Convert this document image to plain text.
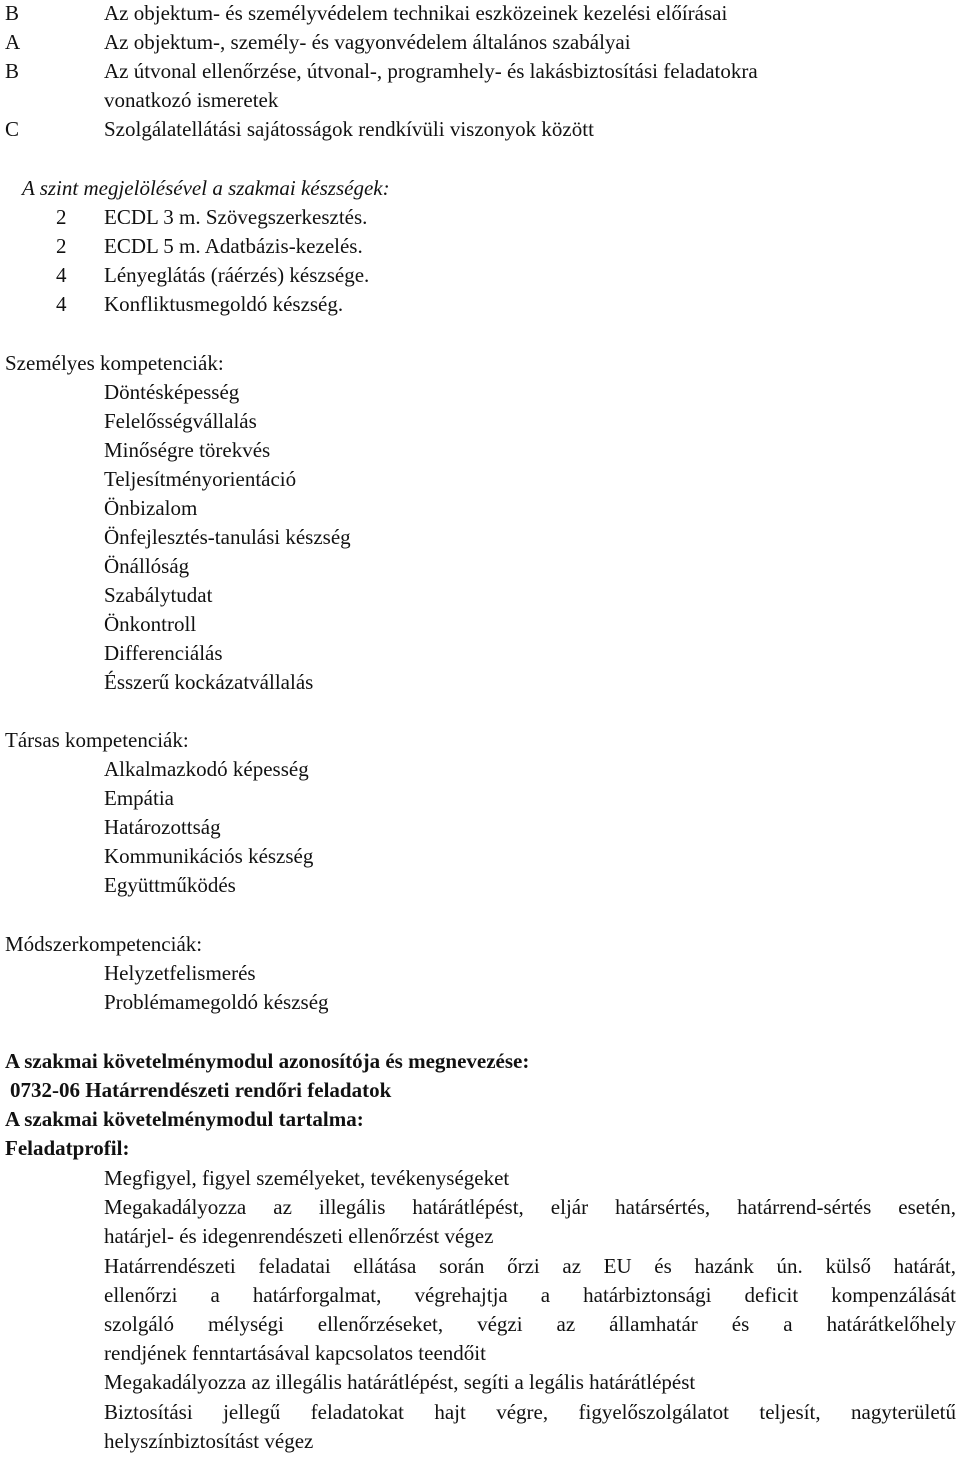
B	Az objektum- és személyvédelem technikai eszközeinek kezelési előírásai
A	Az objektum-, személy- és vagyonvédelem általános szabályai
B	Az útvonal ellenőrzése, útvonal-, programhely- és lakásbiztosítási feladatokra
vonatkozó ismeretek
C	Szolgálatellátási sajátosságok rendkívüli viszonyok között
A szint megjelölésével a szakmai készségek:
2 ECDL 3 m. Szövegszerkesztés.
2 ECDL 5 m. Adatbázis-kezelés.
4 Lényeglátás (ráérzés) készsége.
4 Konfliktusmegoldó készség.
Személyes kompetenciák:
Döntésképesség
Felelősségvállalás
Minőségre törekvés
Teljesítményorientáció
Önbizalom
Önfejlesztés-tanulási készség
Önállóság
Szabálytudat
Önkontroll
Differenciálás
Ésszerű kockázatvállalás
Társas kompetenciák:
Alkalmazkodó képesség
Empátia
Határozottság
Kommunikációs készség
Együttműködés
Módszerkompetenciák:
Helyzetfelismerés
Problémamegoldó készség
A szakmai követelménymodul azonosítója és megnevezése:
0732-06 Határrendészeti rendőri feladatok
A szakmai követelménymodul tartalma:
Feladatprofil:
Megfigyel, figyel személyeket, tevékenységeket
Megakadályozza az illegális határátlépést, eljár határsértés, határrend-sértés esetén,
határjel- és idegenrendészeti ellenőrzést végez
Határrendészeti feladatai ellátása során őrzi az EU és hazánk ún. külső határát,
ellenőrzi a határforgalmat, végrehajtja a határbiztonsági deficit kompenzálását
szolgáló mélységi ellenőrzéseket, végzi az államhatár és a határátkelőhely
rendjének fenntartásával kapcsolatos teendőit
Megakadályozza az illegális határátlépést, segíti a legális határátlépést
Biztosítási jellegű feladatokat hajt végre, figyelőszolgálatot teljesít, nagyterületű
helyszínbiztosítást végez
